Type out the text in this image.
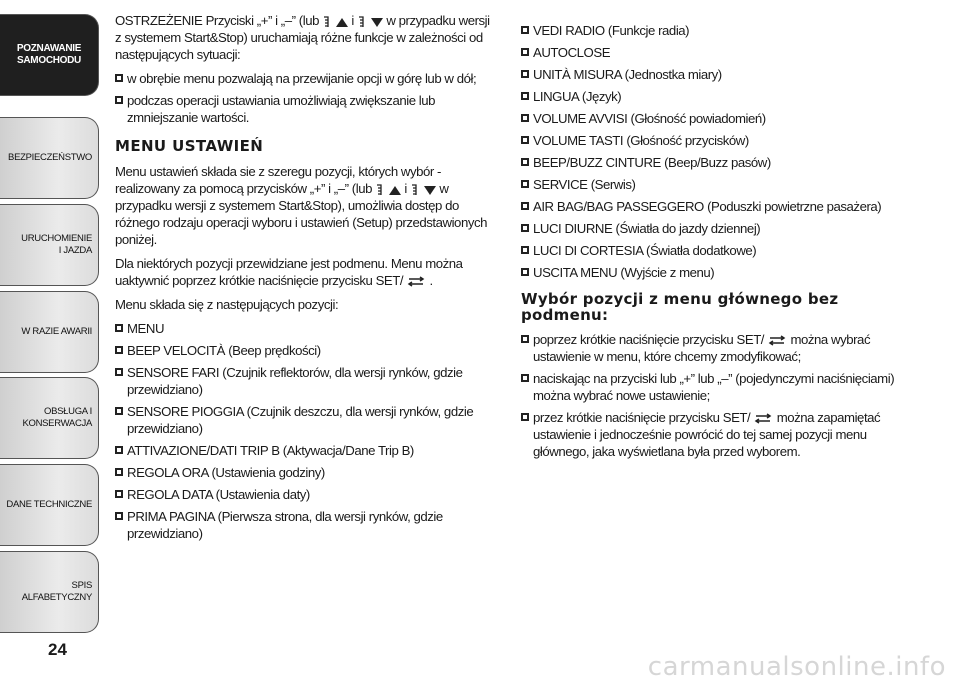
POZNAWANIE SAMOCHODU
BEZPIECZEŃSTWO
URUCHOMIENIE I JAZDA
W RAZIE AWARII
OBSŁUGA I KONSERWACJA
DANE TECHNICZNE
SPIS ALFABETYCZNY
24

OSTRZEŻENIE Przyciski „+” i „–” (lub i w przypadku wersji z systemem Start&Stop) uruchamiają różne funkcje w zależności od następujących sytuacji:

w obrębie menu pozwalają na przewijanie opcji w górę lub w dół;
podczas operacji ustawiania umożliwiają zwiększanie lub zmniejszanie wartości.
MENU USTAWIEŃ

Menu ustawień składa sie z szeregu pozycji, których wybór - realizowany za pomocą przycisków „+” i „–” (lub i w przypadku wersji z systemem Start&Stop), umożliwia dostęp do różnego rodzaju operacji wyboru i ustawień (Setup) przedstawionych poniżej.

Dla niektórych pozycji przewidziane jest podmenu. Menu można uaktywnić poprzez krótkie naciśnięcie przycisku SET/ .

Menu składa się z następujących pozycji:

MENU
BEEP VELOCITÀ (Beep prędkości)
SENSORE FARI (Czujnik reflektorów, dla wersji rynków, gdzie przewidziano)
SENSORE PIOGGIA (Czujnik deszczu, dla wersji rynków, gdzie przewidziano)
ATTIVAZIONE/DATI TRIP B (Aktywacja/Dane Trip B)
REGOLA ORA (Ustawienia godziny)
REGOLA DATA (Ustawienia daty)
PRIMA PAGINA (Pierwsza strona, dla wersji rynków, gdzie przewidziano)
VEDI RADIO (Funkcje radia)
AUTOCLOSE
UNITÀ MISURA (Jednostka miary)
LINGUA (Język)
VOLUME AVVISI (Głośność powiadomień)
VOLUME TASTI (Głośność przycisków)
BEEP/BUZZ CINTURE (Beep/Buzz pasów)
SERVICE (Serwis)
AIR BAG/BAG PASSEGGERO (Poduszki powietrzne pasażera)
LUCI DIURNE (Światła do jazdy dziennej)
LUCI DI CORTESIA (Światła dodatkowe)
USCITA MENU (Wyjście z menu)
Wybór pozycji z menu głównego bez podmenu:
poprzez krótkie naciśnięcie przycisku SET/ można wybrać ustawienie w menu, które chcemy zmodyfikować;
naciskając na przyciski lub „+” lub „–” (pojedynczymi naciśnięciami) można wybrać nowe ustawienie;
przez krótkie naciśnięcie przycisku SET/ można zapamiętać ustawienie i jednocześnie powrócić do tej samej pozycji menu głównego, jaka wyświetlana była przed wyborem.
carmanualsonline.info
